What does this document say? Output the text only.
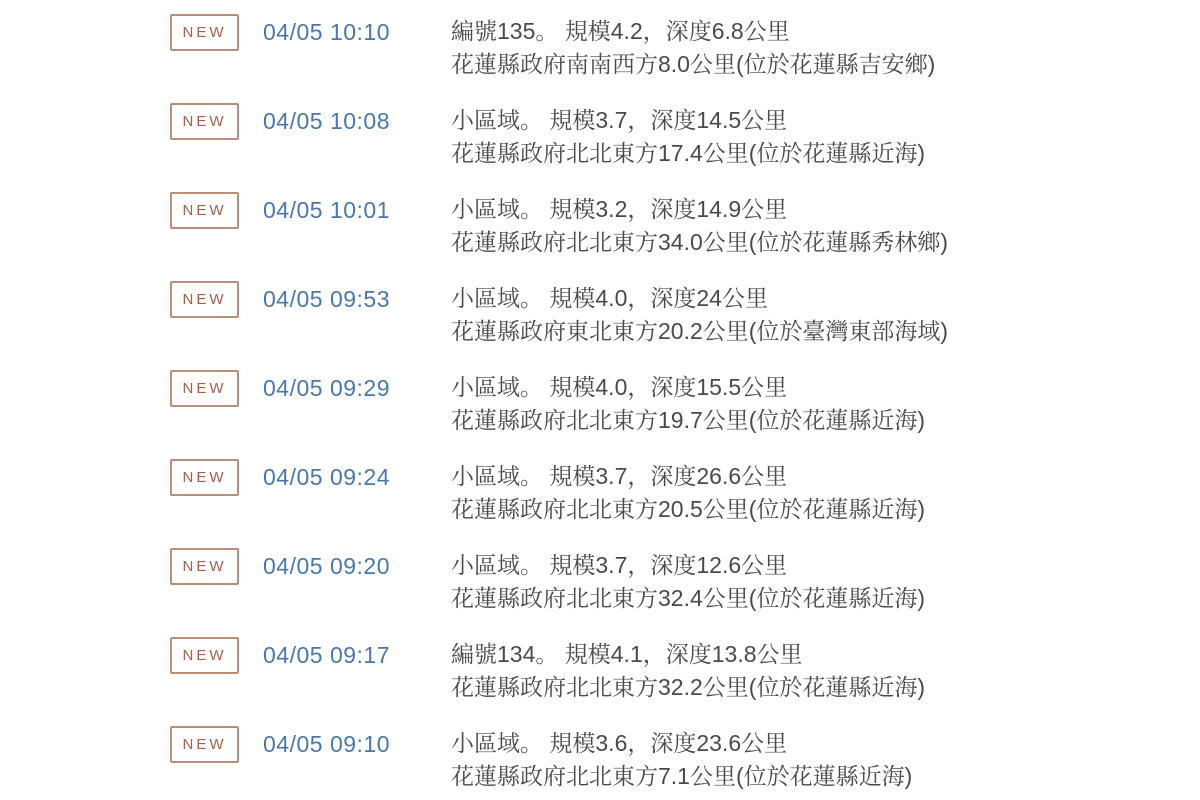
NEW	04/05 10:10	編號135。 規模4.2，深度6.8公里
花蓮縣政府南南西方8.0公里(位於花蓮縣吉安鄉)
NEW	04/05 10:08	小區域。 規模3.7，深度14.5公里
花蓮縣政府北北東方17.4公里(位於花蓮縣近海)
NEW	04/05 10:01	小區域。 規模3.2，深度14.9公里
花蓮縣政府北北東方34.0公里(位於花蓮縣秀林鄉)
NEW	04/05 09:53	小區域。 規模4.0，深度24公里
花蓮縣政府東北東方20.2公里(位於臺灣東部海域)
NEW	04/05 09:29	小區域。 規模4.0，深度15.5公里
花蓮縣政府北北東方19.7公里(位於花蓮縣近海)
NEW	04/05 09:24	小區域。 規模3.7，深度26.6公里
花蓮縣政府北北東方20.5公里(位於花蓮縣近海)
NEW	04/05 09:20	小區域。 規模3.7，深度12.6公里
花蓮縣政府北北東方32.4公里(位於花蓮縣近海)
NEW	04/05 09:17	編號134。 規模4.1，深度13.8公里
花蓮縣政府北北東方32.2公里(位於花蓮縣近海)
NEW	04/05 09:10	小區域。 規模3.6，深度23.6公里
花蓮縣政府北北東方7.1公里(位於花蓮縣近海)
